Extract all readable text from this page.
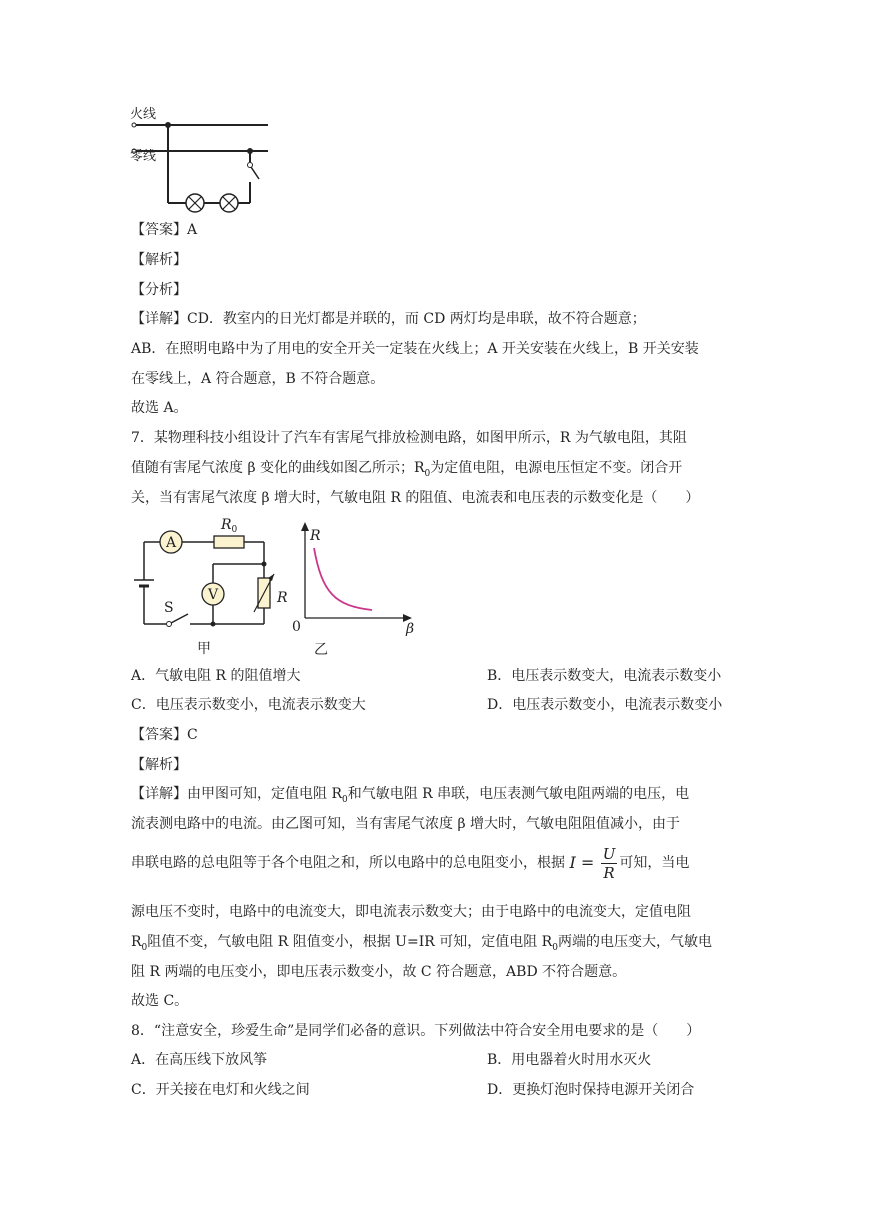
火线
零线
【答案】A
【解析】
【分析】
【详解】CD．教室内的日光灯都是并联的，而 CD 两灯均是串联，故不符合题意；
AB．在照明电路中为了用电的安全开关一定装在火线上；A 开关安装在火线上，B 开关安装
在零线上，A 符合题意，B 不符合题意。
故选 A。
7．某物理科技小组设计了汽车有害尾气排放检测电路，如图甲所示，R 为气敏电阻，其阻
值随有害尾气浓度 β 变化的曲线如图乙所示；$R_0$为定值电阻，电源电压恒定不变。闭合开
关，当有害尾气浓度 β 增大时，气敏电阻 R 的阻值、电流表和电压表的示数变化是（　　）
S
A
$R_0$
V	R
甲
R
β
0
乙
A．气敏电阻 R 的阻值增大	B．电压表示数变大，电流表示数变小
C．电压表示数变小，电流表示数变大	D．电压表示数变小，电流表示数变小
【答案】C
【解析】
【详解】由甲图可知，定值电阻 $R_0$和气敏电阻 R 串联，电压表测气敏电阻两端的电压，电
流表测电路中的电流。由乙图可知，当有害尾气浓度 β 增大时，气敏电阻阻值减小，由于
串联电路的总电阻等于各个电阻之和，所以电路中的总电阻变小，根据 $I = \frac{U}{R}$ 可知，当电
源电压不变时，电路中的电流变大，即电流表示数变大；由于电路中的电流变大，定值电阻
$R_0$阻值不变，气敏电阻 R 阻值变小，根据 U=IR 可知，定值电阻 $R_0$两端的电压变大，气敏电
阻 R 两端的电压变小，即电压表示数变小，故 C 符合题意，ABD 不符合题意。
故选 C。
8．“注意安全，珍爱生命”是同学们必备的意识。下列做法中符合安全用电要求的是（　　）
A．在高压线下放风筝	B．用电器着火时用水灭火
C．开关接在电灯和火线之间	D．更换灯泡时保持电源开关闭合
